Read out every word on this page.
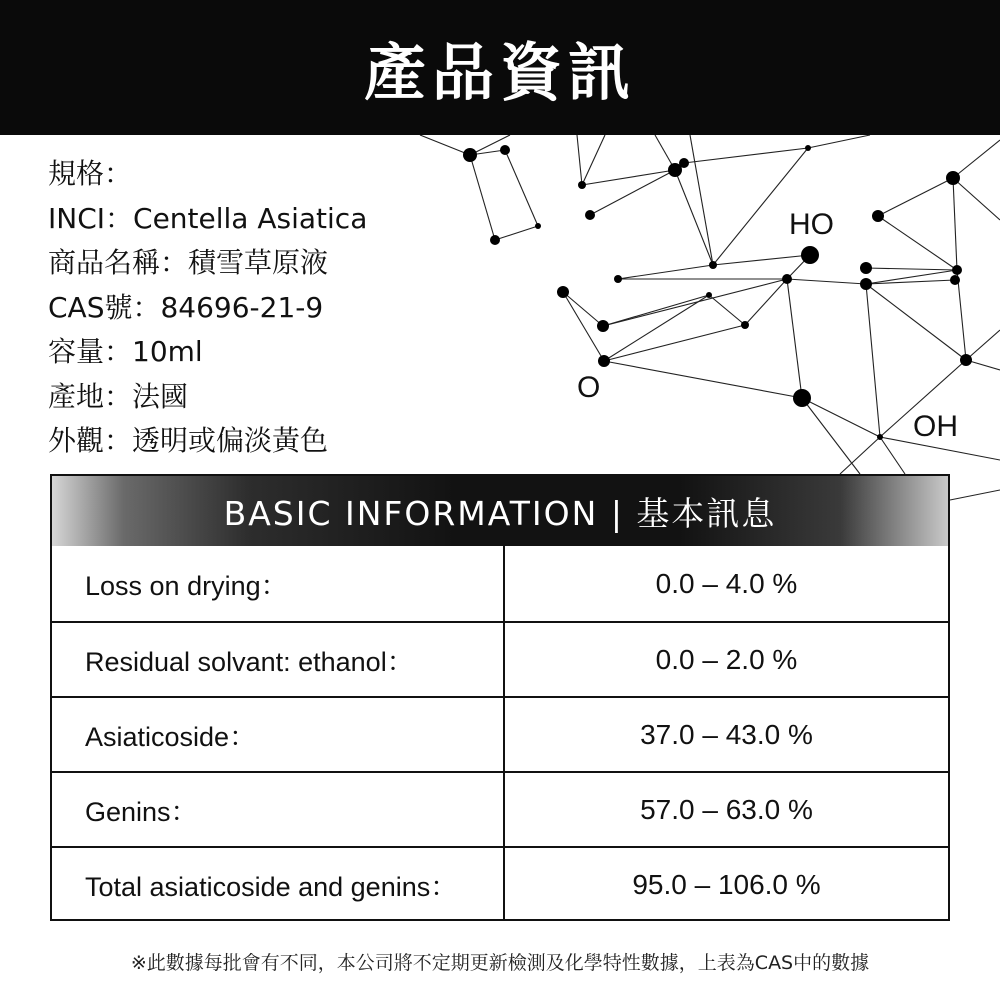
HO
O
OH
產品資訊
規格：
INCI：Centella Asiatica
商品名稱：積雪草原液
CAS號：84696-21-9
容量：10ml
產地：法國
外觀：透明或偏淡黃色
BASIC INFORMATION | 基本訊息
Loss on drying：	0.0 – 4.0 %
Residual solvant: ethanol：	0.0 – 2.0 %
Asiaticoside：	37.0 – 43.0 %
Genins：	57.0 – 63.0 %
Total asiaticoside and genins：	95.0 – 106.0 %
※此數據每批會有不同，本公司將不定期更新檢測及化學特性數據，上表為CAS中的數據
